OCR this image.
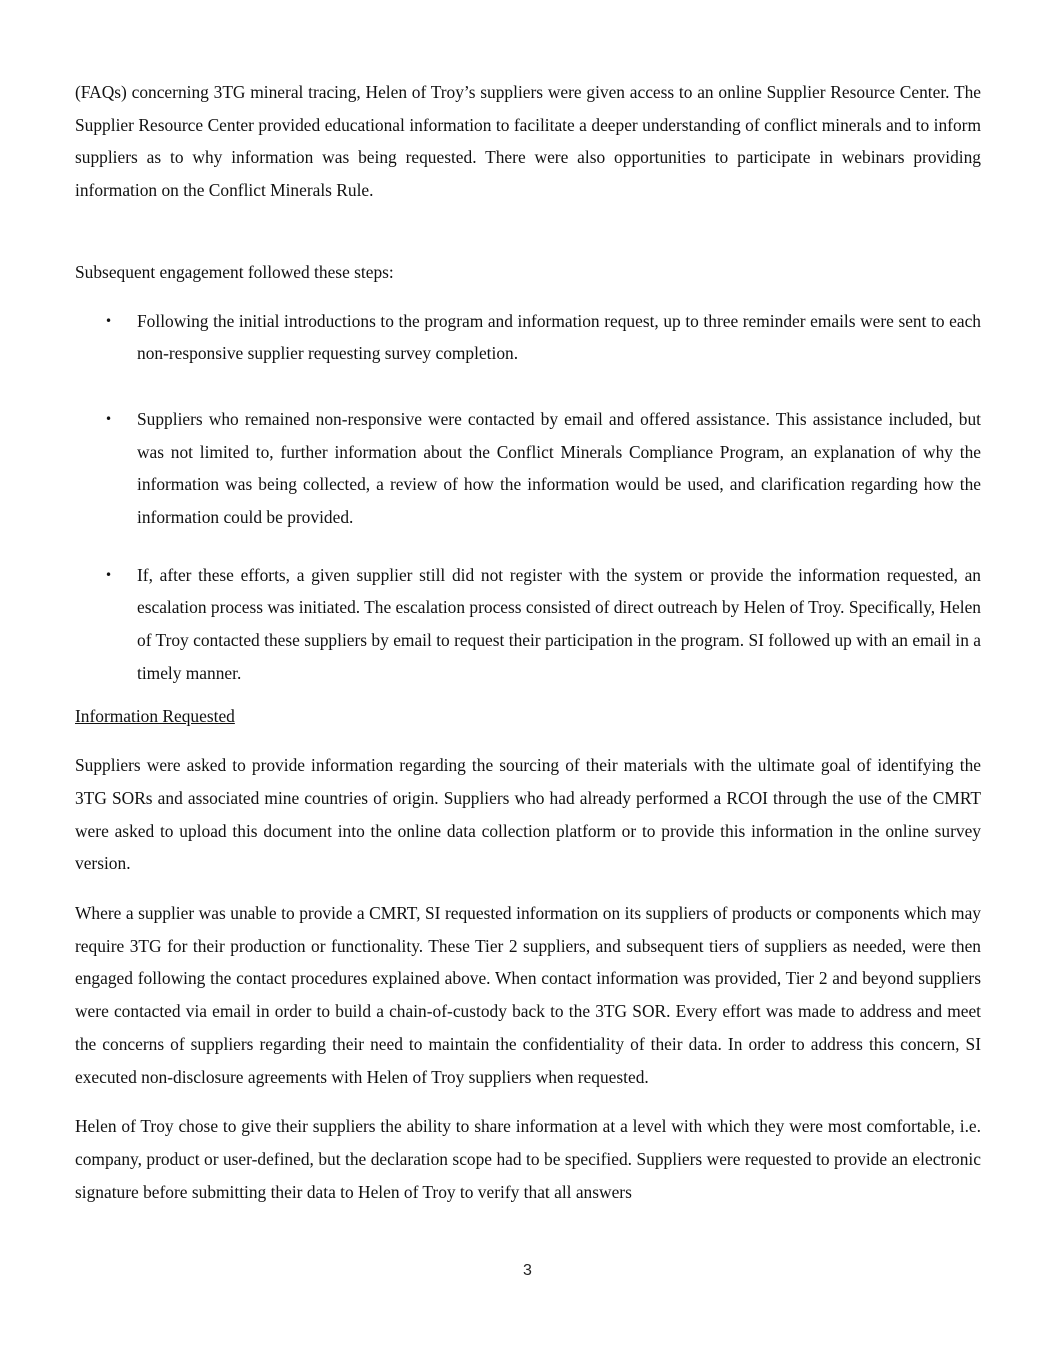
(FAQs) concerning 3TG mineral tracing, Helen of Troy’s suppliers were given access to an online Supplier Resource Center. The Supplier Resource Center provided educational information to facilitate a deeper understanding of conflict minerals and to inform suppliers as to why information was being requested. There were also opportunities to participate in webinars providing information on the Conflict Minerals Rule.

Subsequent engagement followed these steps:

• Following the initial introductions to the program and information request, up to three reminder emails were sent to each non-responsive supplier requesting survey completion.
• Suppliers who remained non-responsive were contacted by email and offered assistance. This assistance included, but was not limited to, further information about the Conflict Minerals Compliance Program, an explanation of why the information was being collected, a review of how the information would be used, and clarification regarding how the information could be provided.
• If, after these efforts, a given supplier still did not register with the system or provide the information requested, an escalation process was initiated. The escalation process consisted of direct outreach by Helen of Troy. Specifically, Helen of Troy contacted these suppliers by email to request their participation in the program. SI followed up with an email in a timely manner.
Information Requested

Suppliers were asked to provide information regarding the sourcing of their materials with the ultimate goal of identifying the 3TG SORs and associated mine countries of origin. Suppliers who had already performed a RCOI through the use of the CMRT were asked to upload this document into the online data collection platform or to provide this information in the online survey version.

Where a supplier was unable to provide a CMRT, SI requested information on its suppliers of products or components which may require 3TG for their production or functionality. These Tier 2 suppliers, and subsequent tiers of suppliers as needed, were then engaged following the contact procedures explained above. When contact information was provided, Tier 2 and beyond suppliers were contacted via email in order to build a chain-of-custody back to the 3TG SOR. Every effort was made to address and meet the concerns of suppliers regarding their need to maintain the confidentiality of their data. In order to address this concern, SI executed non-disclosure agreements with Helen of Troy suppliers when requested.

Helen of Troy chose to give their suppliers the ability to share information at a level with which they were most comfortable, i.e. company, product or user-defined, but the declaration scope had to be specified. Suppliers were requested to provide an electronic signature before submitting their data to Helen of Troy to verify that all answers

3
